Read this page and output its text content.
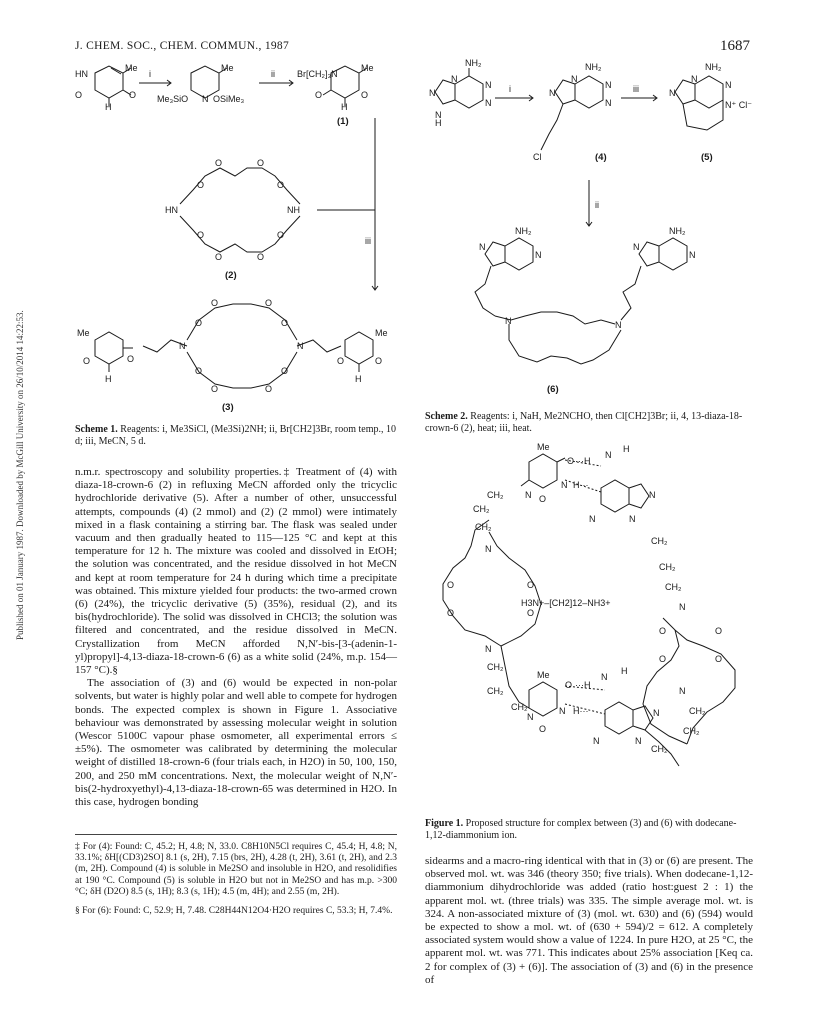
J. CHEM. SOC., CHEM. COMMUN., 1987	1687
Published on 01 January 1987. Downloaded by McGill University on 26/10/2014 14:22:53.
HN
Me
O	O
H
i
Me
Me₃SiO N OSiMe₃
ii Br[CH₂]₃N
Me
O	O
H
(1)
O	O
O	O
HN	NH
O	O
O	O
(2)
iii
N	N
O	O
O	O
O	O
O	O
Me	Me
O	O	O	O
H	H
(3)
Scheme 1. Reagents: i, Me3SiCl, (Me3Si)2NH; ii, Br[CH2]3Br, room temp., 10 d; iii, MeCN, 5 d.
NH₂
N
N
N
N
N
H
i
NH₂
N
N
N
N
Cl	(4)
iii
NH₂
N
N
N
N⁺ Cl⁻
(5)
ii
NH₂	NH₂
N	N
N	N
N	N
(6)
Scheme 2. Reagents: i, NaH, Me2NCHO, then Cl[CH2]3Br; ii, 4, 13-diaza-18-crown-6 (2), heat; iii, heat.
Me
O ···H
N
H
CH₂ N
N H···
O	N
N
N
CH₂
CH₂
N
O	O
O	O
CH₂
CH₂
CH₂
N
O	O
O	O
N
CH₂
CH₂
CH₂
H3N+–[CH2]12–NH3+
N
CH₂
CH₂
CH₂
Me
O ···H
N
H
N
N H···
O
N
N
N
Figure 1. Proposed structure for complex between (3) and (6) with dodecane-1,12-diammonium ion.

n.m.r. spectroscopy and solubility properties.‡ Treatment of (4) with diaza-18-crown-6 (2) in refluxing MeCN afforded only the tricyclic hydrochloride derivative (5). After a number of other, unsuccessful attempts, compounds (4) (2 mmol) and (2) (2 mmol) were intimately mixed in a flask containing a stirring bar. The flask was sealed under vacuum and then gradually heated to 115—125 °C and kept at this temperature for 12 h. The mixture was cooled and dissolved in EtOH; the solution was concentrated, and the residue dissolved in hot MeCN and kept at room temperature for 24 h during which time a precipitate was obtained. This mixture yielded four products: the two-armed crown (6) (24%), the tricyclic derivative (5) (35%), residual (2), and its bis(hydrochloride). The solid was dissolved in CHCl3; the solution was filtered and concentrated, and the residue dissolved in MeCN. Crystallization from MeCN afforded N,N′-bis-[3-(adenin-1-yl)propyl]-4,13-diaza-18-crown-6 (6) as a white solid (24%, m.p. 154—157 °C).§

The association of (3) and (6) would be expected in non-polar solvents, but water is highly polar and well able to compete for hydrogen bonds. The expected complex is shown in Figure 1. Associative behaviour was demonstrated by assessing molecular weight in solution (Wescor 5100C vapour phase osmometer, all experimental errors ≤ ±5%). The osmometer was calibrated by determining the molecular weight of distilled 18-crown-6 (four trials each, in H2O) in 50, 100, 150, 200, and 250 mM concentrations. Next, the molecular weight of N,N′-bis(2-hydroxyethyl)-4,13-diaza-18-crown-65 was determined in H2O. In this case, hydrogen bonding

sidearms and a macro-ring identical with that in (3) or (6) are present. The observed mol. wt. was 346 (theory 350; five trials). When dodecane-1,12-diammonium dihydrochloride was added (ratio host:guest 2 : 1) the apparent mol. wt. (three trials) was 335. The simple average mol. wt. is 324. A non-associated mixture of (3) (mol. wt. 630) and (6) (594) would be expected to show a mol. wt. of (630 + 594)/2 = 612. A completely associated system would show a value of 1224. In pure H2O, at 25 °C, the apparent mol. wt. was 771. This indicates about 25% association [Keq ca. 2 for complex of (3) + (6)]. The association of (3) and (6) in the presence of

‡ For (4): Found: C, 45.2; H, 4.8; N, 33.0. C8H10N5Cl requires C, 45.4; H, 4.8; N, 33.1%; δH[(CD3)2SO] 8.1 (s, 2H), 7.15 (brs, 2H), 4.28 (t, 2H), 3.61 (t, 2H), and 2.3 (m, 2H). Compound (4) is soluble in Me2SO and insoluble in H2O, and resolidifies at 190 °C. Compound (5) is soluble in H2O but not in Me2SO and has m.p. >300 °C; δH (D2O) 8.5 (s, 1H); 8.3 (s, 1H); 4.5 (m, 4H); and 2.55 (m, 2H).

§ For (6): Found: C, 52.9; H, 7.48. C28H44N12O4·H2O requires C, 53.3; H, 7.4%.
